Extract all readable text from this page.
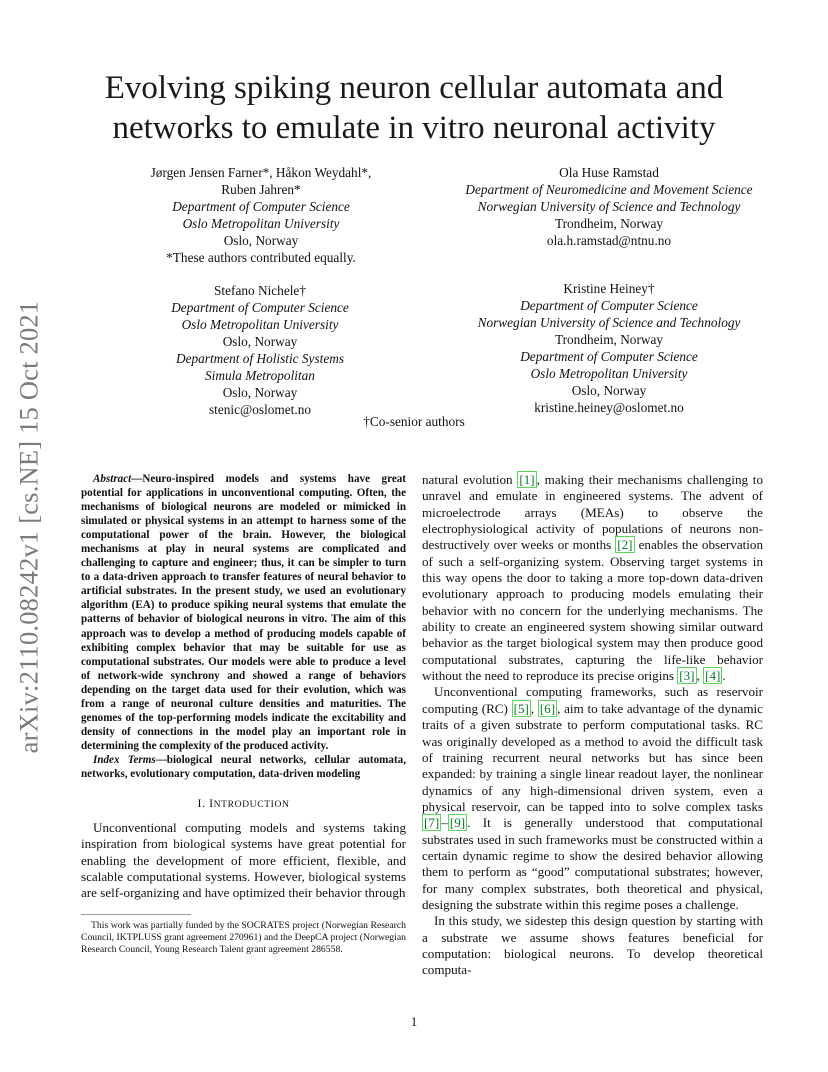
Evolving spiking neuron cellular automata and networks to emulate in vitro neuronal activity
arXiv:2110.08242v1 [cs.NE] 15 Oct 2021
Jørgen Jensen Farner*, Håkon Weydahl*,
Ruben Jahren*
Department of Computer Science
Oslo Metropolitan University
Oslo, Norway
*These authors contributed equally.
Ola Huse Ramstad
Department of Neuromedicine and Movement Science
Norwegian University of Science and Technology
Trondheim, Norway
ola.h.ramstad@ntnu.no
Stefano Nichele†
Department of Computer Science
Oslo Metropolitan University
Oslo, Norway
Department of Holistic Systems
Simula Metropolitan
Oslo, Norway
stenic@oslomet.no
Kristine Heiney†
Department of Computer Science
Norwegian University of Science and Technology
Trondheim, Norway
Department of Computer Science
Oslo Metropolitan University
Oslo, Norway
kristine.heiney@oslomet.no
†Co-senior authors
Abstract—Neuro-inspired models and systems have great potential for applications in unconventional computing. Often, the mechanisms of biological neurons are modeled or mimicked in simulated or physical systems in an attempt to harness some of the computational power of the brain. However, the biological mechanisms at play in neural systems are complicated and challenging to capture and engineer; thus, it can be simpler to turn to a data-driven approach to transfer features of neural behavior to artificial substrates. In the present study, we used an evolutionary algorithm (EA) to produce spiking neural systems that emulate the patterns of behavior of biological neurons in vitro. The aim of this approach was to develop a method of producing models capable of exhibiting complex behavior that may be suitable for use as computational substrates. Our models were able to produce a level of network-wide synchrony and showed a range of behaviors depending on the target data used for their evolution, which was from a range of neuronal culture densities and maturities. The genomes of the top-performing models indicate the excitability and density of connections in the model play an important role in determining the complexity of the produced activity.
Index Terms—biological neural networks, cellular automata, networks, evolutionary computation, data-driven modeling
I. INTRODUCTION

Unconventional computing models and systems taking inspiration from biological systems have great potential for enabling the development of more efficient, flexible, and scalable computational systems. However, biological systems are self-organizing and have optimized their behavior through

This work was partially funded by the SOCRATES project (Norwegian Research Council, IKTPLUSS grant agreement 270961) and the DeepCA project (Norwegian Research Council, Young Research Talent grant agreement 286558.

natural evolution [1] , making their mechanisms challenging to unravel and emulate in engineered systems. The advent of microelectrode arrays (MEAs) to observe the electrophysiological activity of populations of neurons non-destructively over weeks or months [2] enables the observation of such a self-organizing system. Observing target systems in this way opens the door to taking a more top-down data-driven evolutionary approach to producing models emulating their behavior with no concern for the underlying mechanisms. The ability to create an engineered system showing similar outward behavior as the target biological system may then produce good computational substrates, capturing the life-like behavior without the need to reproduce its precise origins [3] , [4] .

Unconventional computing frameworks, such as reservoir computing (RC) [5] , [6] , aim to take advantage of the dynamic traits of a given substrate to perform computational tasks. RC was originally developed as a method to avoid the difficult task of training recurrent neural networks but has since been expanded: by training a single linear readout layer, the nonlinear dynamics of any high-dimensional driven system, even a physical reservoir, can be tapped into to solve complex tasks [7] – [9] . It is generally understood that computational substrates used in such frameworks must be constructed within a certain dynamic regime to show the desired behavior allowing them to perform as “good” computational substrates; however, for many complex substrates, both theoretical and physical, designing the substrate within this regime poses a challenge.

In this study, we sidestep this design question by starting with a substrate we assume shows features beneficial for computation: biological neurons. To develop theoretical computa-

1
